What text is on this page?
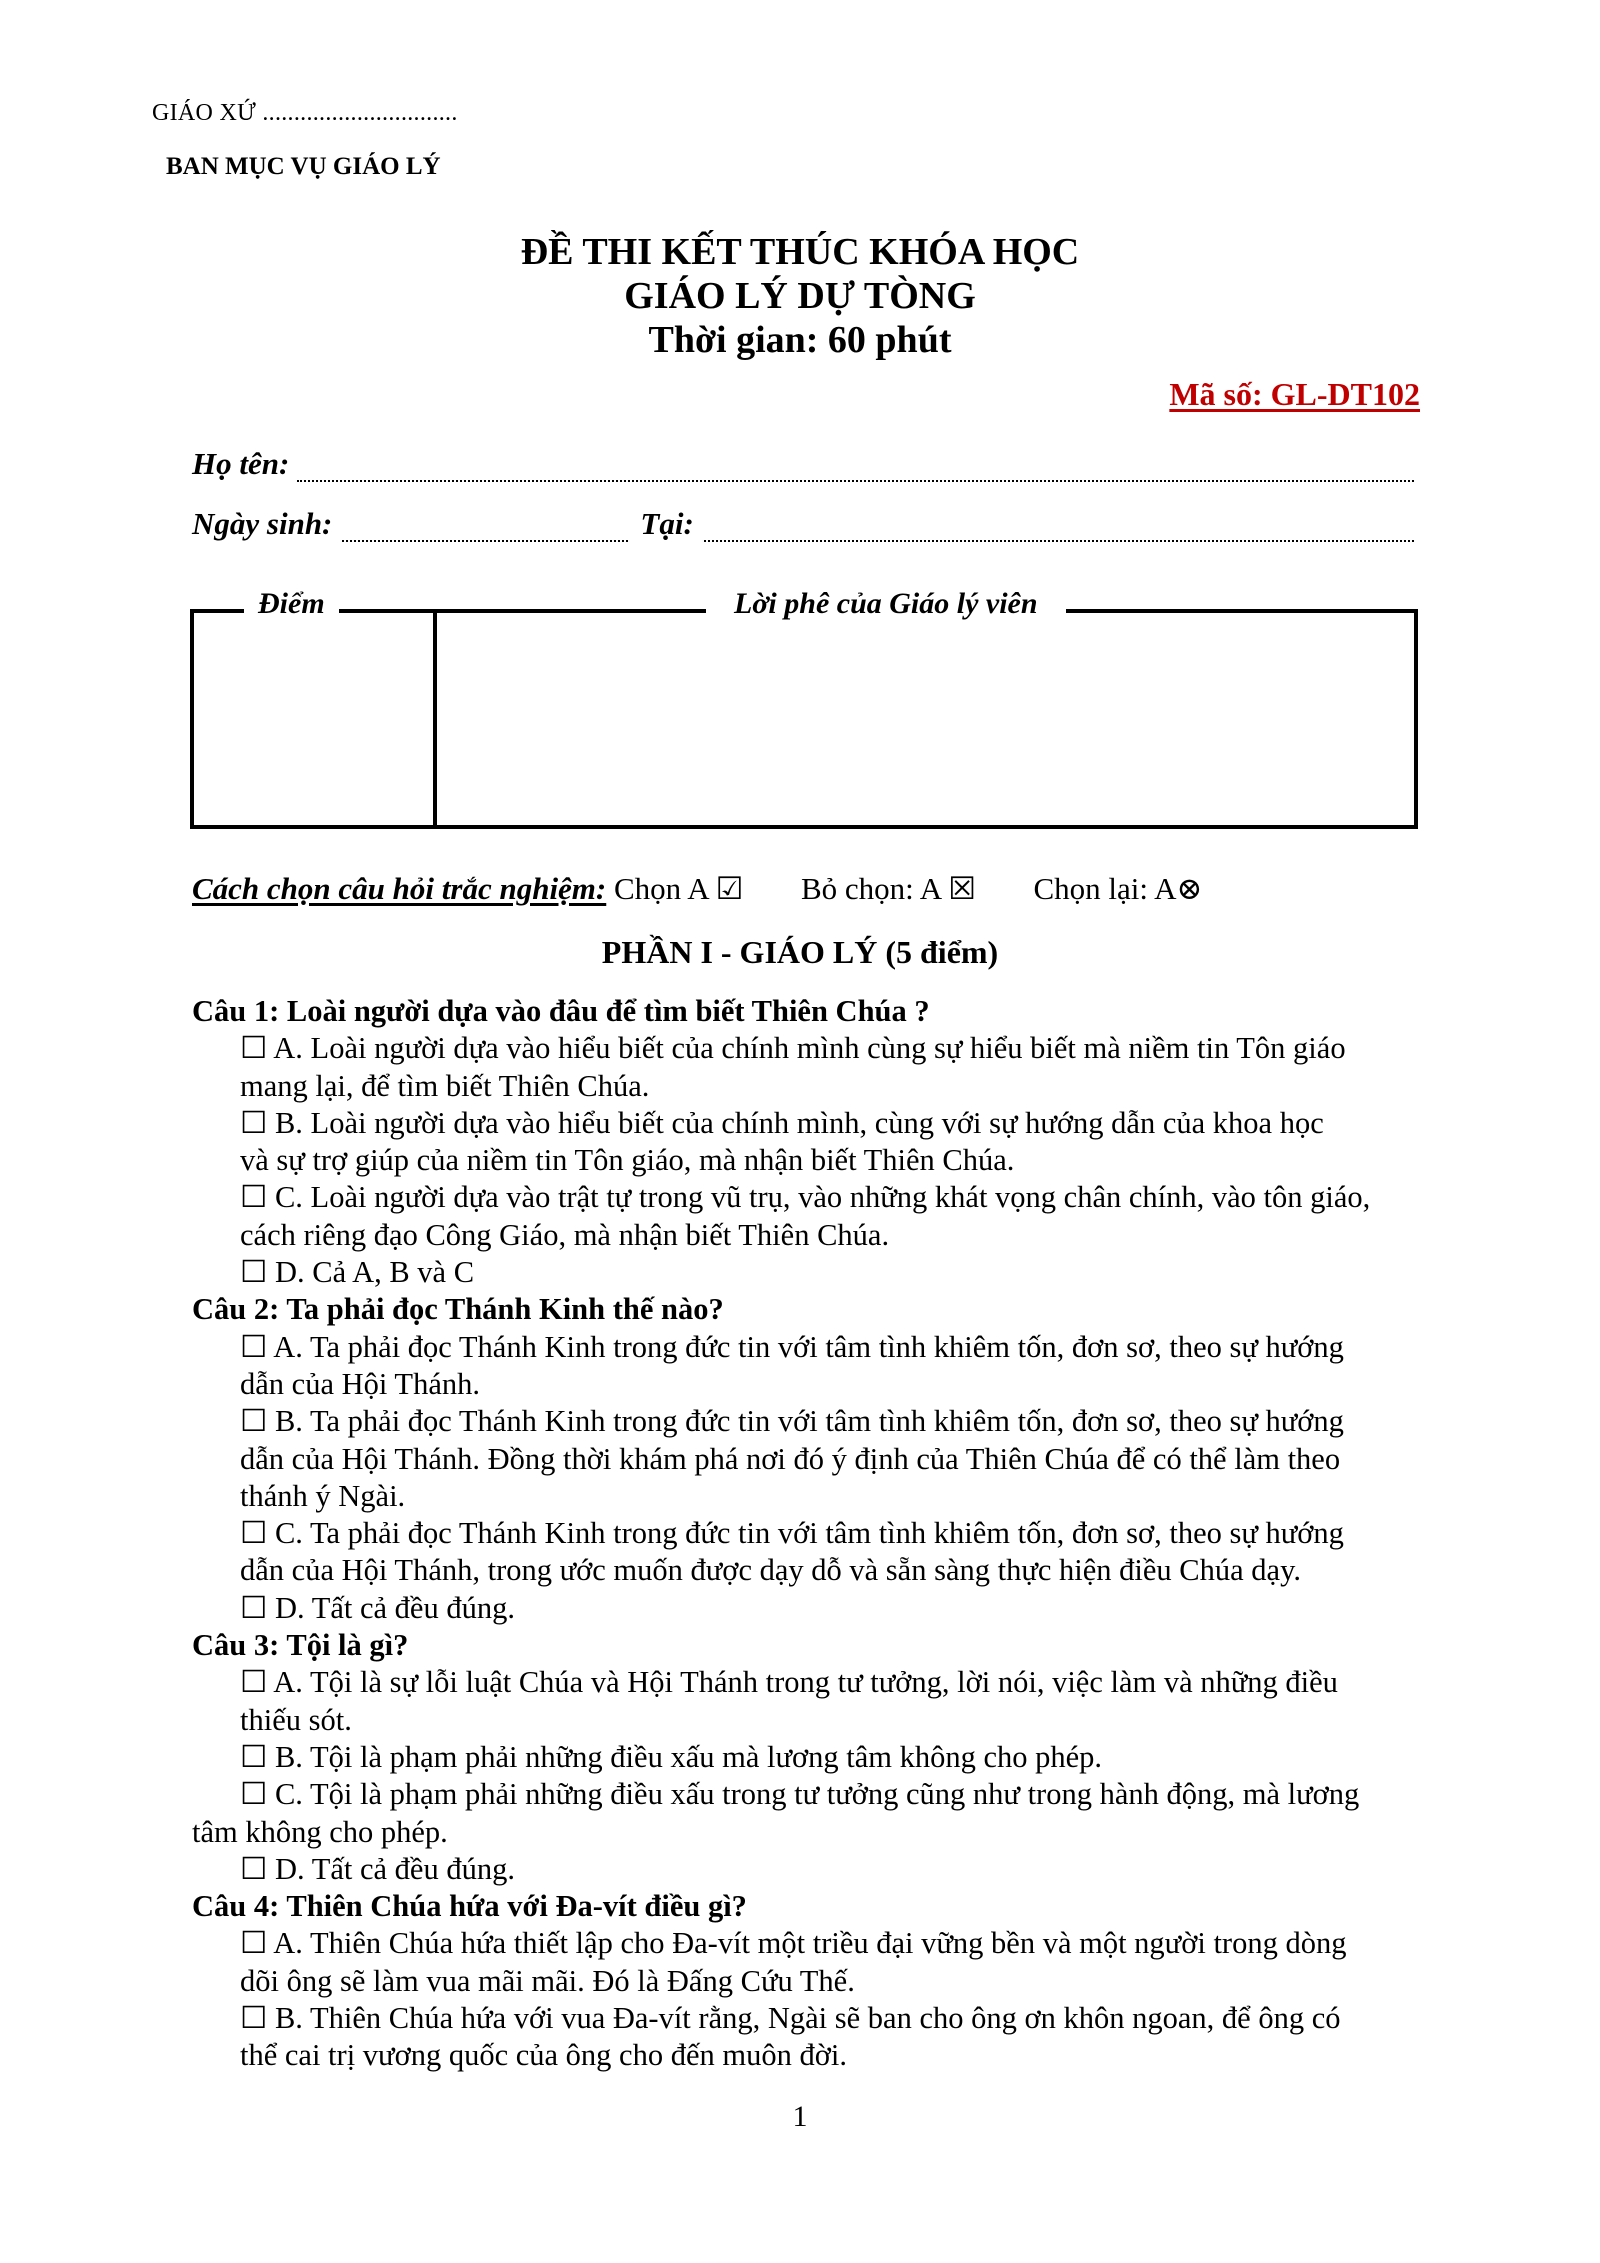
GIÁO XỨ ...............................
BAN MỤC VỤ GIÁO LÝ
ĐỀ THI KẾT THÚC KHÓA HỌC
GIÁO LÝ DỰ TÒNG
Thời gian: 60 phút
Mã số: GL-DT102
Họ tên:
Ngày sinh:	Tại:
Điểm	Lời phê của Giáo lý viên
Cách chọn câu hỏi trắc nghiệm: Chọn A ☑ Bỏ chọn: A ☒ Chọn lại: A⊗
PHẦN I - GIÁO LÝ (5 điểm)
Câu 1: Loài người dựa vào đâu để tìm biết Thiên Chúa ?
☐ A. Loài người dựa vào hiểu biết của chính mình cùng sự hiểu biết mà niềm tin Tôn giáo
mang lại, để tìm biết Thiên Chúa.
☐ B. Loài người dựa vào hiểu biết của chính mình, cùng với sự hướng dẫn của khoa học
và sự trợ giúp của niềm tin Tôn giáo, mà nhận biết Thiên Chúa.
☐ C. Loài người dựa vào trật tự trong vũ trụ, vào những khát vọng chân chính, vào tôn giáo,
cách riêng đạo Công Giáo, mà nhận biết Thiên Chúa.
☐ D. Cả A, B và C
Câu 2: Ta phải đọc Thánh Kinh thế nào?
☐ A. Ta phải đọc Thánh Kinh trong đức tin với tâm tình khiêm tốn, đơn sơ, theo sự hướng
dẫn của Hội Thánh.
☐ B. Ta phải đọc Thánh Kinh trong đức tin với tâm tình khiêm tốn, đơn sơ, theo sự hướng
dẫn của Hội Thánh. Đồng thời khám phá nơi đó ý định của Thiên Chúa để có thể làm theo
thánh ý Ngài.
☐ C. Ta phải đọc Thánh Kinh trong đức tin với tâm tình khiêm tốn, đơn sơ, theo sự hướng
dẫn của Hội Thánh, trong ước muốn được dạy dỗ và sẵn sàng thực hiện điều Chúa dạy.
☐ D. Tất cả đều đúng.
Câu 3: Tội là gì?
☐ A. Tội là sự lỗi luật Chúa và Hội Thánh trong tư tưởng, lời nói, việc làm và những điều
thiếu sót.
☐ B. Tội là phạm phải những điều xấu mà lương tâm không cho phép.
☐ C. Tội là phạm phải những điều xấu trong tư tưởng cũng như trong hành động, mà lương
tâm không cho phép.
☐ D. Tất cả đều đúng.
Câu 4: Thiên Chúa hứa với Đa-vít điều gì?
☐ A. Thiên Chúa hứa thiết lập cho Đa-vít một triều đại vững bền và một người trong dòng
dõi ông sẽ làm vua mãi mãi. Đó là Đấng Cứu Thế.
☐ B. Thiên Chúa hứa với vua Đa-vít rằng, Ngài sẽ ban cho ông ơn khôn ngoan, để ông có
thể cai trị vương quốc của ông cho đến muôn đời.
1
